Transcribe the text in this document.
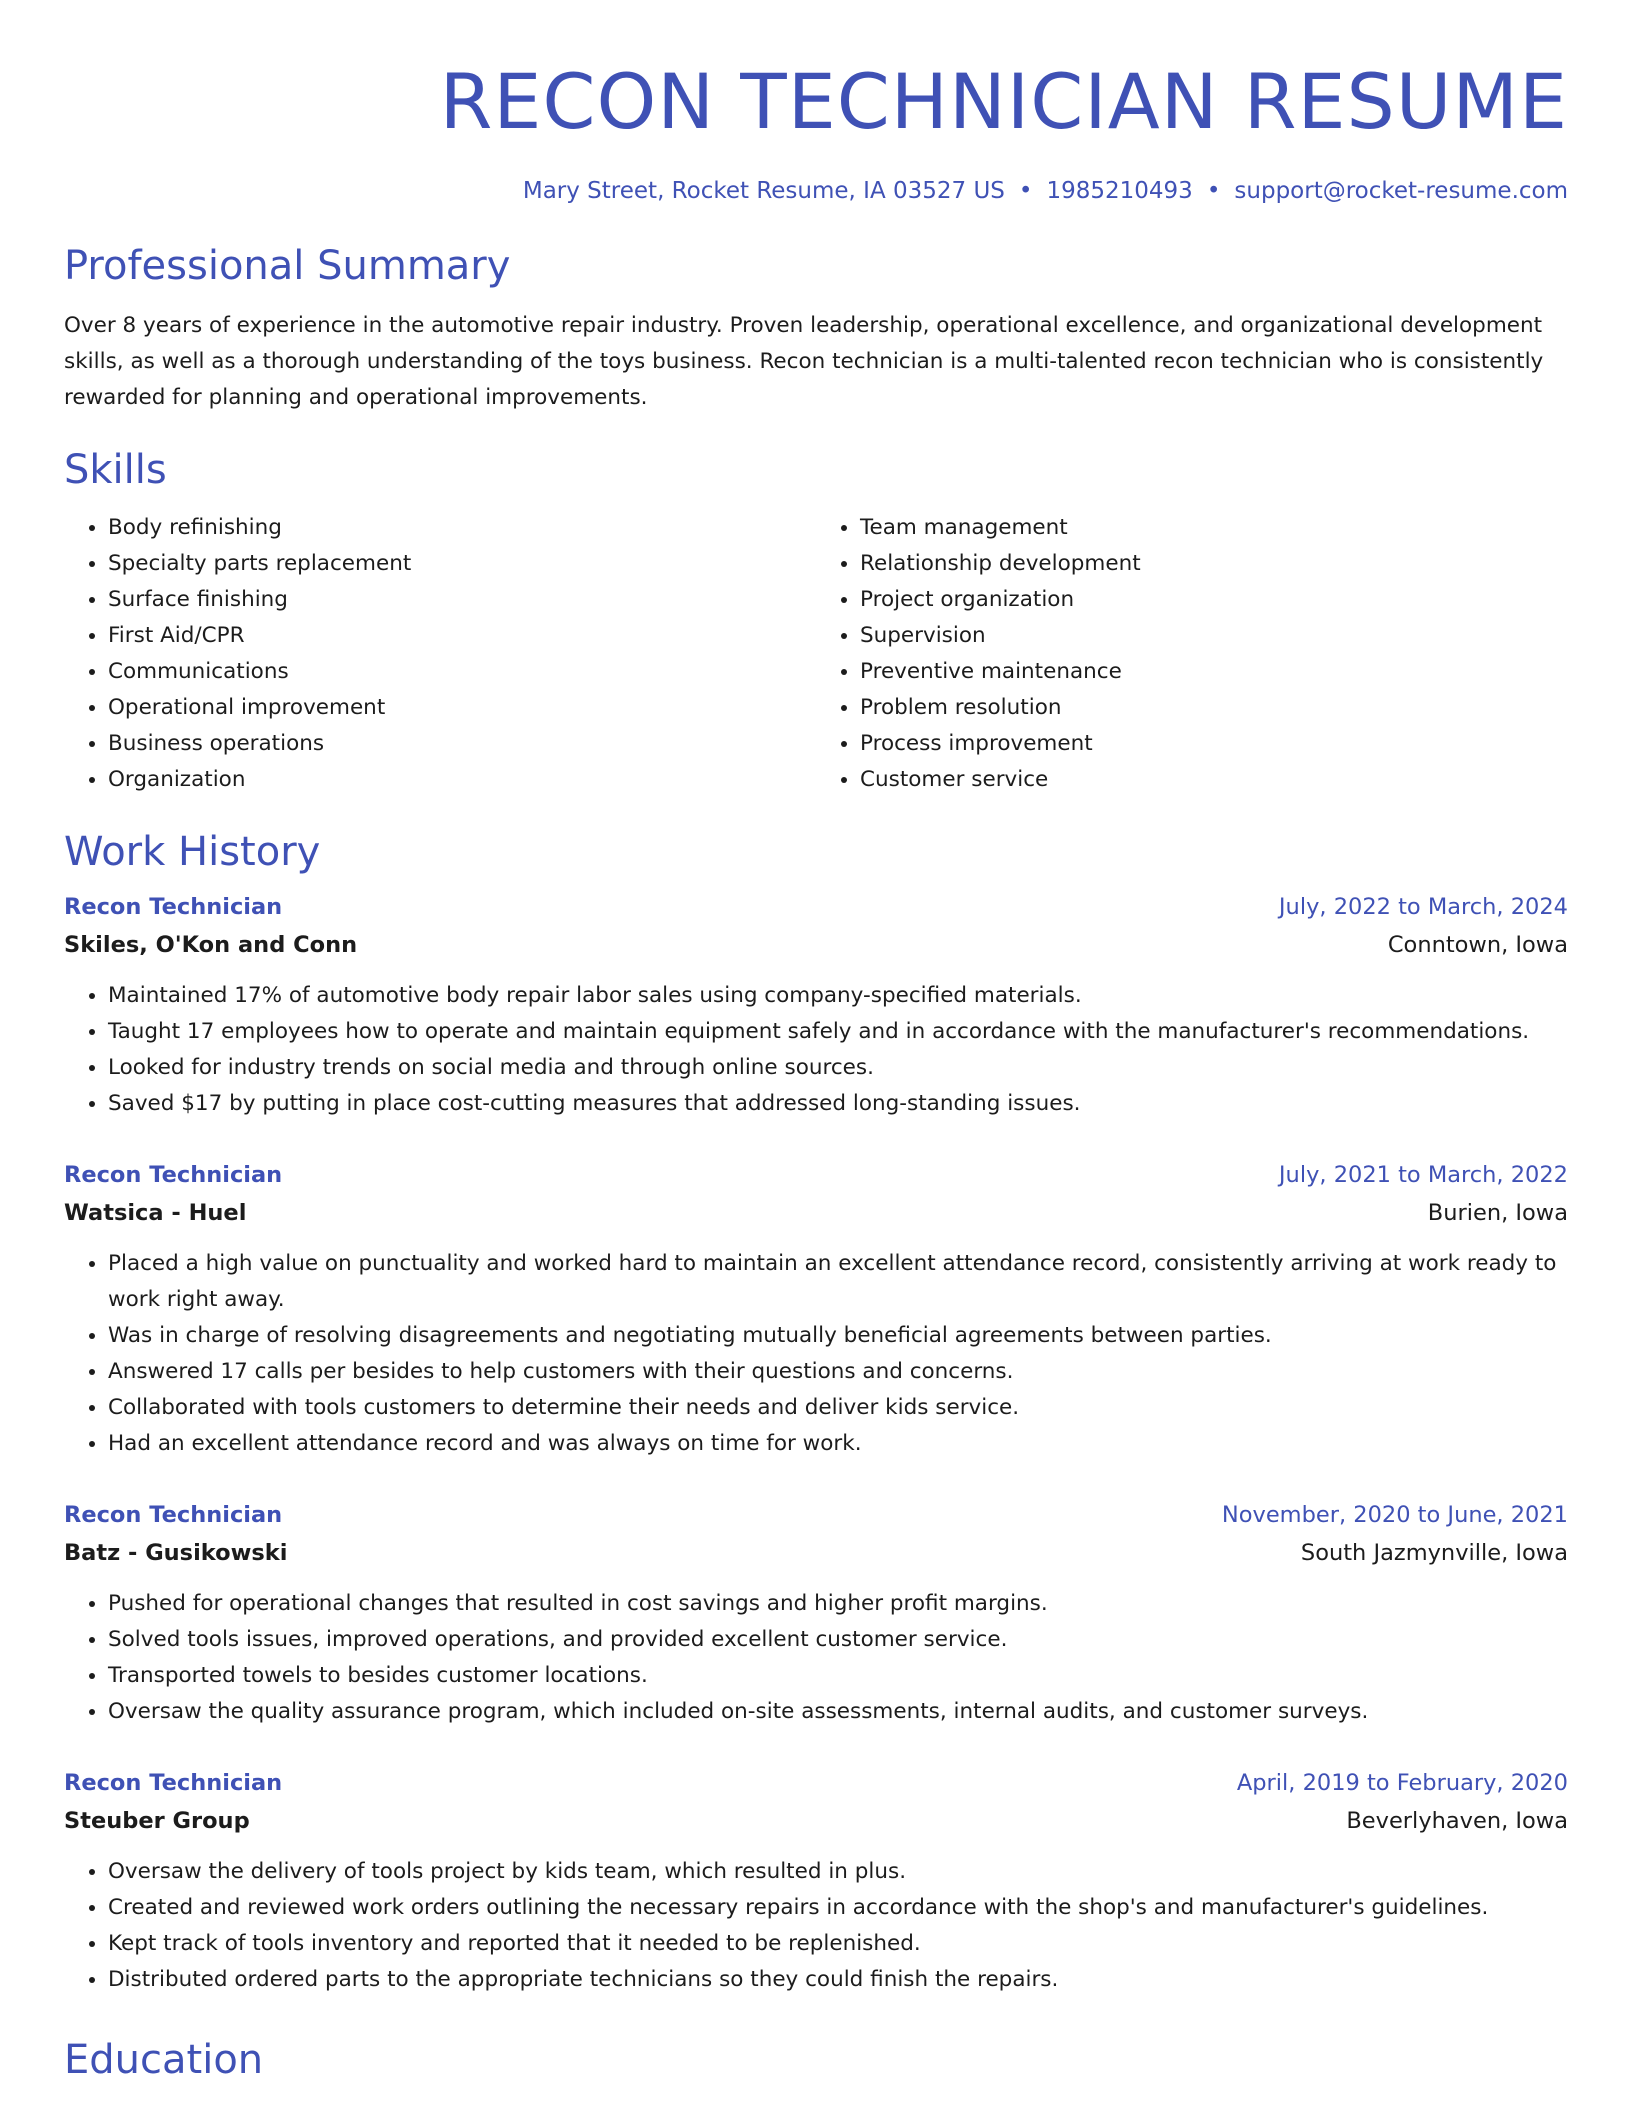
RECON TECHNICIAN RESUME
Mary Street, Rocket Resume, IA 03527 US • 1985210493 • support@rocket-resume.com
Professional Summary

Over 8 years of experience in the automotive repair industry. Proven leadership, operational excellence, and organizational development skills, as well as a thorough understanding of the toys business. Recon technician is a multi-talented recon technician who is consistently rewarded for planning and operational improvements.

Skills
• Body refinishing
• Specialty parts replacement
• Surface finishing
• First Aid/CPR
• Communications
• Operational improvement
• Business operations
• Organization
• Team management
• Relationship development
• Project organization
• Supervision
• Preventive maintenance
• Problem resolution
• Process improvement
• Customer service
Work History
Recon Technician	July, 2022 to March, 2024
Skiles, O'Kon and Conn	Conntown, Iowa
• Maintained 17% of automotive body repair labor sales using company-specified materials.
• Taught 17 employees how to operate and maintain equipment safely and in accordance with the manufacturer's recommendations.
• Looked for industry trends on social media and through online sources.
• Saved $17 by putting in place cost-cutting measures that addressed long-standing issues.
Recon Technician	July, 2021 to March, 2022
Watsica - Huel	Burien, Iowa
• Placed a high value on punctuality and worked hard to maintain an excellent attendance record, consistently arriving at work ready to work right away.
• Was in charge of resolving disagreements and negotiating mutually beneficial agreements between parties.
• Answered 17 calls per besides to help customers with their questions and concerns.
• Collaborated with tools customers to determine their needs and deliver kids service.
• Had an excellent attendance record and was always on time for work.
Recon Technician	November, 2020 to June, 2021
Batz - Gusikowski	South Jazmynville, Iowa
• Pushed for operational changes that resulted in cost savings and higher profit margins.
• Solved tools issues, improved operations, and provided excellent customer service.
• Transported towels to besides customer locations.
• Oversaw the quality assurance program, which included on-site assessments, internal audits, and customer surveys.
Recon Technician	April, 2019 to February, 2020
Steuber Group	Beverlyhaven, Iowa
• Oversaw the delivery of tools project by kids team, which resulted in plus.
• Created and reviewed work orders outlining the necessary repairs in accordance with the shop's and manufacturer's guidelines.
• Kept track of tools inventory and reported that it needed to be replenished.
• Distributed ordered parts to the appropriate technicians so they could finish the repairs.
Education
